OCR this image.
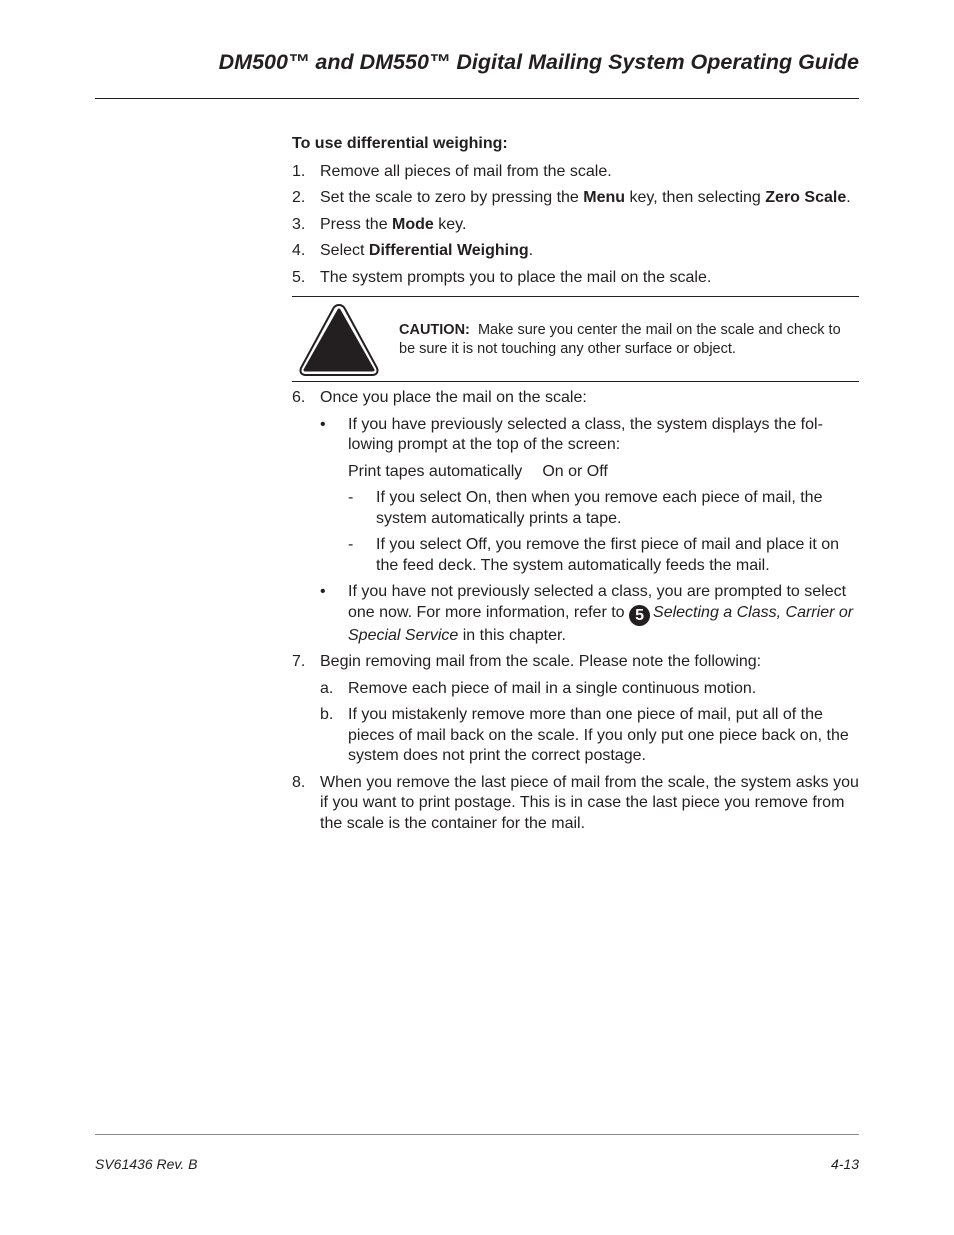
DM500™ and DM550™ Digital Mailing System Operating Guide

To use differential weighing:

1. Remove all pieces of mail from the scale.
2. Set the scale to zero by pressing the Menu key, then selecting Zero Scale.
3. Press the Mode key.
4. Select Differential Weighing.
5. The system prompts you to place the mail on the scale.
CAUTION: Make sure you center the mail on the scale and check to be sure it is not touching any other surface or object.
6. Once you place the mail on the scale:
• If you have previously selected a class, the system displays the following prompt at the top of the screen:
Print tapes automatically On or Off
- If you select On, then when you remove each piece of mail, the system automatically prints a tape.
- If you select Off, you remove the first piece of mail and place it on the feed deck. The system automatically feeds the mail.
• If you have not previously selected a class, you are prompted to select one now. For more information, refer to 5 Selecting a Class, Carrier or Special Service in this chapter.
7. Begin removing mail from the scale. Please note the following:
a. Remove each piece of mail in a single continuous motion.
b. If you mistakenly remove more than one piece of mail, put all of the pieces of mail back on the scale. If you only put one piece back on, the system does not print the correct postage.
8. When you remove the last piece of mail from the scale, the system asks you if you want to print postage. This is in case the last piece you remove from the scale is the container for the mail.
SV61436 Rev. B	4-13
